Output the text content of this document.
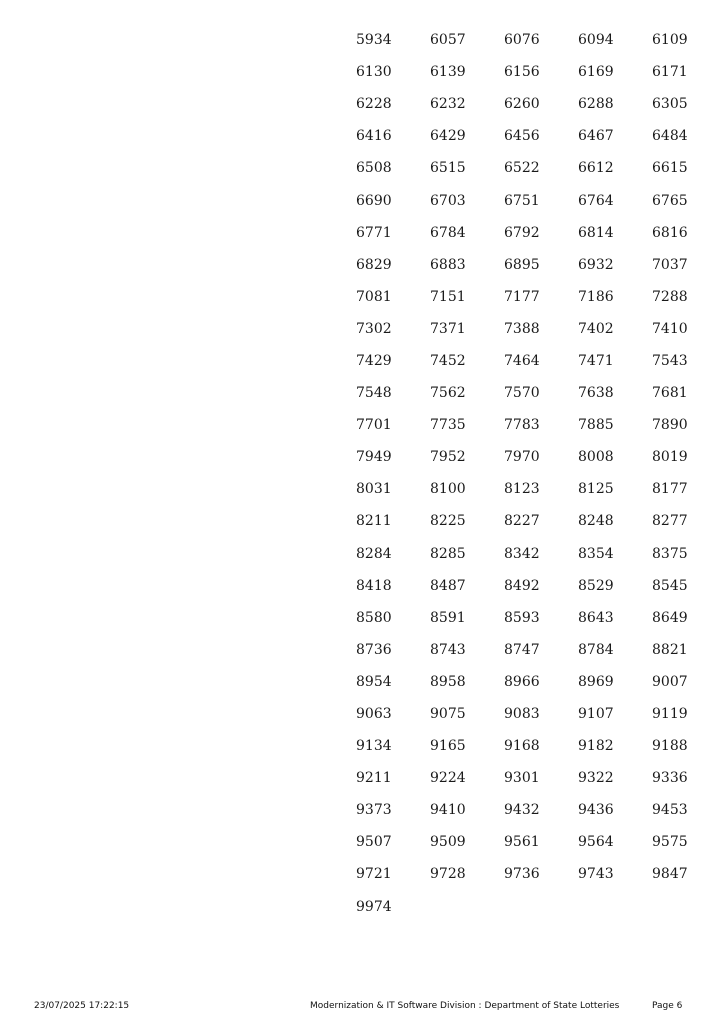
5934	6057	6076	6094	6109
6130	6139	6156	6169	6171
6228	6232	6260	6288	6305
6416	6429	6456	6467	6484
6508	6515	6522	6612	6615
6690	6703	6751	6764	6765
6771	6784	6792	6814	6816
6829	6883	6895	6932	7037
7081	7151	7177	7186	7288
7302	7371	7388	7402	7410
7429	7452	7464	7471	7543
7548	7562	7570	7638	7681
7701	7735	7783	7885	7890
7949	7952	7970	8008	8019
8031	8100	8123	8125	8177
8211	8225	8227	8248	8277
8284	8285	8342	8354	8375
8418	8487	8492	8529	8545
8580	8591	8593	8643	8649
8736	8743	8747	8784	8821
8954	8958	8966	8969	9007
9063	9075	9083	9107	9119
9134	9165	9168	9182	9188
9211	9224	9301	9322	9336
9373	9410	9432	9436	9453
9507	9509	9561	9564	9575
9721	9728	9736	9743	9847
9974
23/07/2025 17:22:15	Modernization & IT Software Division : Department of State Lotteries	Page 6
